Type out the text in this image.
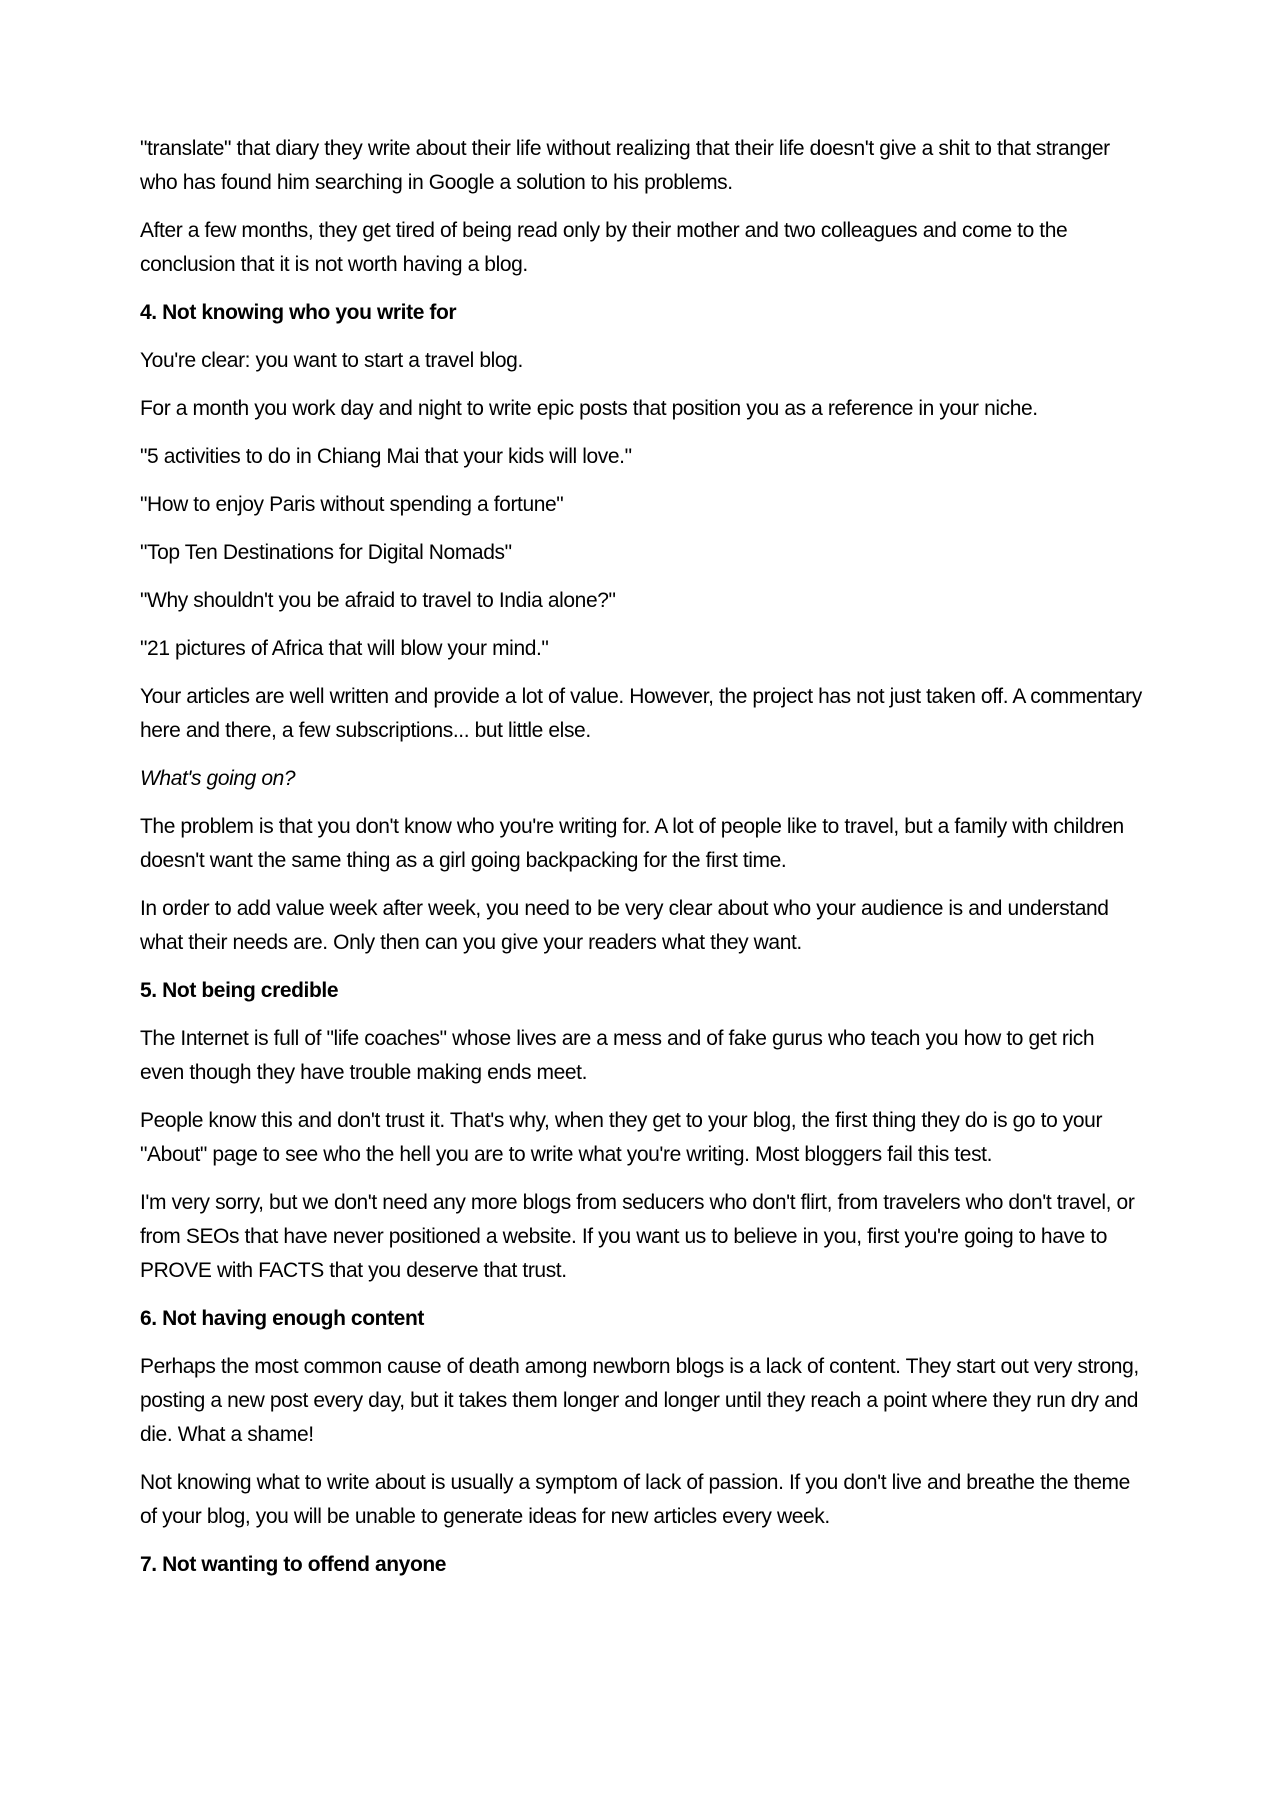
"translate" that diary they write about their life without realizing that their life doesn't give a shit to that stranger who has found him searching in Google a solution to his problems.

After a few months, they get tired of being read only by their mother and two colleagues and come to the conclusion that it is not worth having a blog.

4. Not knowing who you write for

You're clear: you want to start a travel blog.

For a month you work day and night to write epic posts that position you as a reference in your niche.

"5 activities to do in Chiang Mai that your kids will love."

"How to enjoy Paris without spending a fortune"

"Top Ten Destinations for Digital Nomads"

"Why shouldn't you be afraid to travel to India alone?"

"21 pictures of Africa that will blow your mind."

Your articles are well written and provide a lot of value. However, the project has not just taken off. A commentary here and there, a few subscriptions... but little else.

What's going on?

The problem is that you don't know who you're writing for. A lot of people like to travel, but a family with children doesn't want the same thing as a girl going backpacking for the first time.

In order to add value week after week, you need to be very clear about who your audience is and understand what their needs are. Only then can you give your readers what they want.

5. Not being credible

The Internet is full of "life coaches" whose lives are a mess and of fake gurus who teach you how to get rich even though they have trouble making ends meet.

People know this and don't trust it. That's why, when they get to your blog, the first thing they do is go to your "About" page to see who the hell you are to write what you're writing. Most bloggers fail this test.

I'm very sorry, but we don't need any more blogs from seducers who don't flirt, from travelers who don't travel, or from SEOs that have never positioned a website. If you want us to believe in you, first you're going to have to PROVE with FACTS that you deserve that trust.

6. Not having enough content

Perhaps the most common cause of death among newborn blogs is a lack of content. They start out very strong, posting a new post every day, but it takes them longer and longer until they reach a point where they run dry and die. What a shame!

Not knowing what to write about is usually a symptom of lack of passion. If you don't live and breathe the theme of your blog, you will be unable to generate ideas for new articles every week.

7. Not wanting to offend anyone
